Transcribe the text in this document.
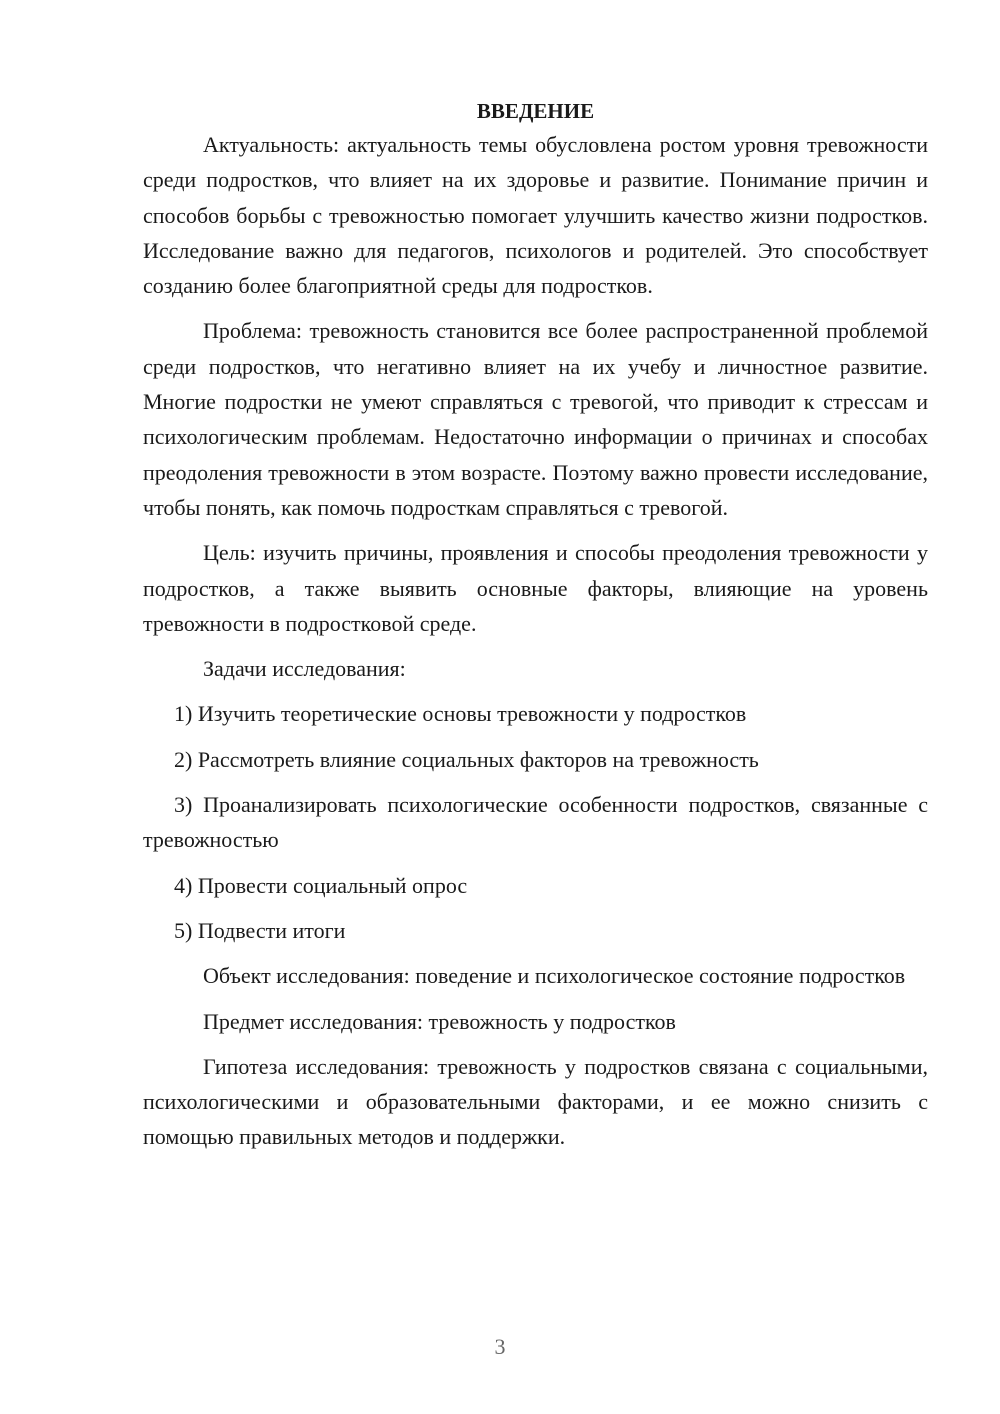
ВВЕДЕНИЕ

Актуальность: актуальность темы обусловлена ростом уровня тревожности среди подростков, что влияет на их здоровье и развитие. Понимание причин и способов борьбы с тревожностью помогает улучшить качество жизни подростков. Исследование важно для педагогов, психологов и родителей. Это способствует созданию более благоприятной среды для подростков.

Проблема: тревожность становится все более распространенной проблемой среди подростков, что негативно влияет на их учебу и личностное развитие. Многие подростки не умеют справляться с тревогой, что приводит к стрессам и психологическим проблемам. Недостаточно информации о причинах и способах преодоления тревожности в этом возрасте. Поэтому важно провести исследование, чтобы понять, как помочь подросткам справляться с тревогой.

Цель: изучить причины, проявления и способы преодоления тревожности у подростков, а также выявить основные факторы, влияющие на уровень тревожности в подростковой среде.

Задачи исследования:

1) Изучить теоретические основы тревожности у подростков

2) Рассмотреть влияние социальных факторов на тревожность

3) Проанализировать психологические особенности подростков, связанные с тревожностью

4) Провести социальный опрос

5) Подвести итоги

Объект исследования: поведение и психологическое состояние подростков

Предмет исследования: тревожность у подростков

Гипотеза исследования: тревожность у подростков связана с социальными, психологическими и образовательными факторами, и ее можно снизить с помощью правильных методов и поддержки.

3
